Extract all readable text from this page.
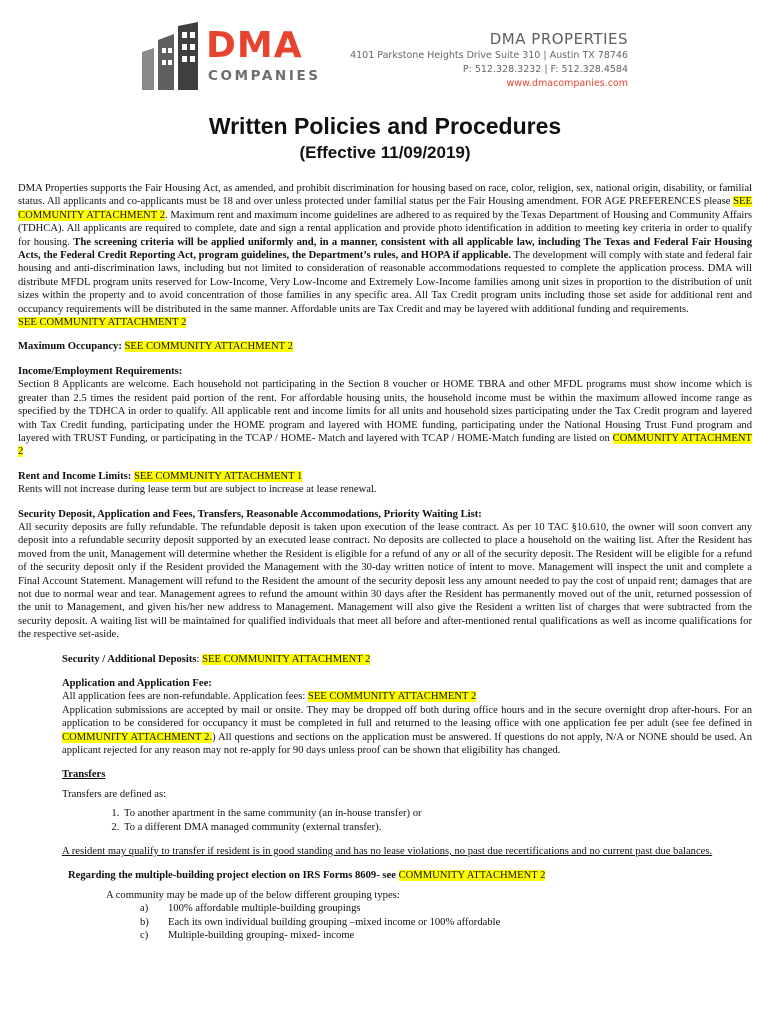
DMA
COMPANIES
DMA PROPERTIES
4101 Parkstone Heights Drive Suite 310 | Austin TX 78746
P: 512.328.3232 | F: 512.328.4584
www.dmacompanies.com
Written Policies and Procedures
(Effective 11/09/2019)

DMA Properties supports the Fair Housing Act, as amended, and prohibit discrimination for housing based on race, color, religion, sex, national origin, disability, or familial status. All applicants and co-applicants must be 18 and over unless protected under familial status per the Fair Housing amendment. FOR AGE PREFERENCES please SEE COMMUNITY ATTACHMENT 2. Maximum rent and maximum income guidelines are adhered to as required by the Texas Department of Housing and Community Affairs (TDHCA). All applicants are required to complete, date and sign a rental application and provide photo identification in addition to meeting key criteria in order to qualify for housing. The screening criteria will be applied uniformly and, in a manner, consistent with all applicable law, including The Texas and Federal Fair Housing Acts, the Federal Credit Reporting Act, program guidelines, the Department’s rules, and HOPA if applicable. The development will comply with state and federal fair housing and anti-discrimination laws, including but not limited to consideration of reasonable accommodations requested to complete the application process. DMA will distribute MFDL program units reserved for Low-Income, Very Low-Income and Extremely Low-Income families among unit sizes in proportion to the distribution of unit sizes within the property and to avoid concentration of those families in any specific area. All Tax Credit program units including those set aside for additional rent and occupancy requirements will be distributed in the same manner. Affordable units are Tax Credit and may be layered with additional funding and requirements.

SEE COMMUNITY ATTACHMENT 2

Maximum Occupancy: SEE COMMUNITY ATTACHMENT 2

Income/Employment Requirements:

Section 8 Applicants are welcome. Each household not participating in the Section 8 voucher or HOME TBRA and other MFDL programs must show income which is greater than 2.5 times the resident paid portion of the rent. For affordable housing units, the household income must be within the maximum allowed income range as specified by the TDHCA in order to qualify. All applicable rent and income limits for all units and household sizes participating under the Tax Credit program and layered with Tax Credit funding, participating under the HOME program and layered with HOME funding, participating under the National Housing Trust Fund program and layered with TRUST Funding, or participating in the TCAP / HOME- Match and layered with TCAP / HOME-Match funding are listed on COMMUNITY ATTACHMENT 2

Rent and Income Limits: SEE COMMUNITY ATTACHMENT 1

Rents will not increase during lease term but are subject to increase at lease renewal.

Security Deposit, Application and Fees, Transfers, Reasonable Accommodations, Priority Waiting List:

All security deposits are fully refundable. The refundable deposit is taken upon execution of the lease contract. As per 10 TAC §10.610, the owner will soon convert any deposit into a refundable security deposit supported by an executed lease contract. No deposits are collected to place a household on the waiting list. After the Resident has moved from the unit, Management will determine whether the Resident is eligible for a refund of any or all of the security deposit. The Resident will be eligible for a refund of the security deposit only if the Resident provided the Management with the 30-day written notice of intent to move. Management will inspect the unit and complete a Final Account Statement. Management will refund to the Resident the amount of the security deposit less any amount needed to pay the cost of unpaid rent; damages that are not due to normal wear and tear. Management agrees to refund the amount within 30 days after the Resident has permanently moved out of the unit, returned possession of the unit to Management, and given his/her new address to Management. Management will also give the Resident a written list of charges that were subtracted from the security deposit. A waiting list will be maintained for qualified individuals that meet all before and after-mentioned rental qualifications as well as income qualifications for the respective set-aside.

Security / Additional Deposits: SEE COMMUNITY ATTACHMENT 2

Application and Application Fee:

All application fees are non-refundable. Application fees: SEE COMMUNITY ATTACHMENT 2

Application submissions are accepted by mail or onsite. They may be dropped off both during office hours and in the secure overnight drop after-hours. For an application to be considered for occupancy it must be completed in full and returned to the leasing office with one application fee per adult (see fee defined in COMMUNITY ATTACHMENT 2.) All questions and sections on the application must be answered. If questions do not apply, N/A or NONE should be used. An applicant rejected for any reason may not re-apply for 90 days unless proof can be shown that eligibility has changed.

Transfers

Transfers are defined as:

1. To another apartment in the same community (an in-house transfer) or
2. To a different DMA managed community (external transfer).

A resident may qualify to transfer if resident is in good standing and has no lease violations, no past due recertifications and no current past due balances.

Regarding the multiple-building project election on IRS Forms 8609- see COMMUNITY ATTACHMENT 2

A community may be made up of the below different grouping types:

a) 100% affordable multiple-building groupings
b) Each its own individual building grouping –mixed income or 100% affordable
c) Multiple-building grouping- mixed- income
